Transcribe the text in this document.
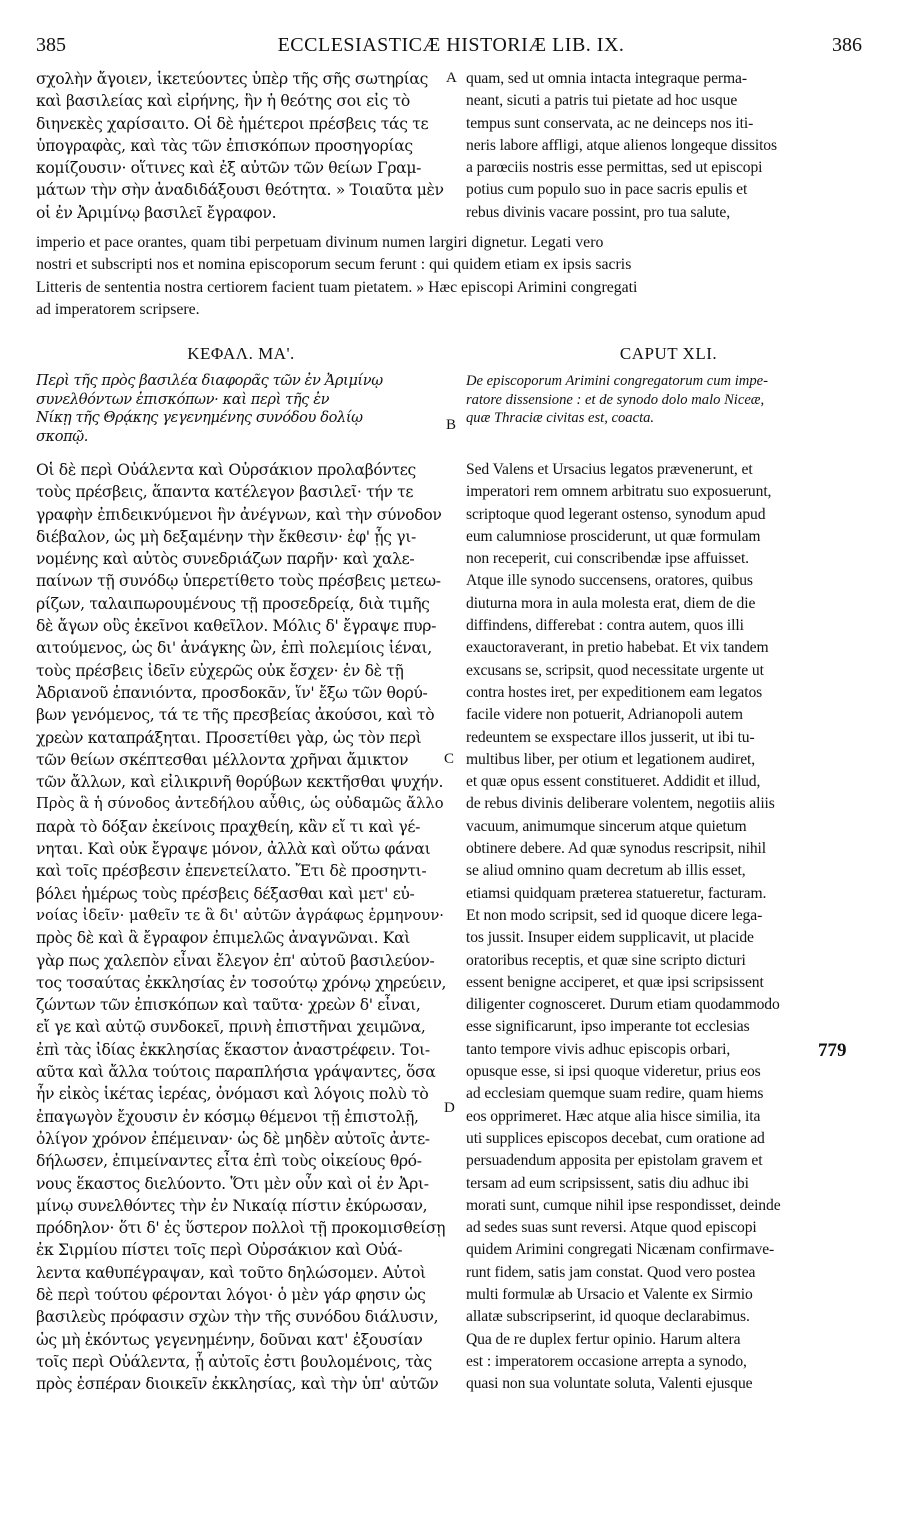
385	ECCLESIASTICÆ HISTORIÆ LIB. IX.	386
σχολὴν ἄγοιεν, ἱκετεύοντες ὑπὲρ τῆς σῆς σωτηρίας
καὶ βασιλείας καὶ εἰρήνης, ἣν ἡ θεότης σοι εἰς τὸ
διηνεκὲς χαρίσαιτο. Οἱ δὲ ἡμέτεροι πρέσβεις τάς τε
ὑπογραφὰς, καὶ τὰς τῶν ἐπισκόπων προσηγορίας
κομίζουσιν· οἵτινες καὶ ἐξ αὐτῶν τῶν θείων Γραμ-
μάτων τὴν σὴν ἀναδιδάξουσι θεότητα. » Τοιαῦτα μὲν
οἱ ἐν Ἀριμίνῳ βασιλεῖ ἔγραφον.
quam, sed ut omnia intacta integraque perma-
neant, sicuti a patris tui pietate ad hoc usque
tempus sunt conservata, ac ne deinceps nos iti-
neris labore affligi, atque alienos longeque dissitos
a parœciis nostris esse permittas, sed ut episcopi
potius cum populo suo in pace sacris epulis et
rebus divinis vacare possint, pro tua salute,
A
imperio et pace orantes, quam tibi perpetuam divinum numen largiri dignetur. Legati vero
nostri et subscripti nos et nomina episcoporum secum ferunt : qui quidem etiam ex ipsis sacris
Litteris de sententia nostra certiorem facient tuam pietatem. » Hæc episcopi Arimini congregati
ad imperatorem scripsere.
ΚΕΦΑΛ. ΜΑ'.	CAPUT XLI.
Περὶ τῆς πρὸς βασιλέα διαφορᾶς τῶν ἐν Ἀριμίνῳ
συνελθόντων ἐπισκόπων· καὶ περὶ τῆς ἐν
Νίκῃ τῆς Θρᾴκης γεγενημένης συνόδου δολίῳ
σκοπῷ.
De episcoporum Arimini congregatorum cum impe-
ratore dissensione : et de synodo dolo malo Niceæ,
quæ Thraciæ civitas est, coacta.
B
Οἱ δὲ περὶ Οὐάλεντα καὶ Οὐρσάκιον προλαβόντες
τοὺς πρέσβεις, ἅπαντα κατέλεγον βασιλεῖ· τήν τε
γραφὴν ἐπιδεικνύμενοι ἣν ἀνέγνων, καὶ τὴν σύνοδον
διέβαλον, ὡς μὴ δεξαμένην τὴν ἔκθεσιν· ἐφ' ᾗς γι-
νομένης καὶ αὐτὸς συνεδριάζων παρῆν· καὶ χαλε-
παίνων τῇ συνόδῳ ὑπερετίθετο τοὺς πρέσβεις μετεω-
ρίζων, ταλαιπωρουμένους τῇ προσεδρείᾳ, διὰ τιμῆς
δὲ ἄγων οὓς ἐκεῖνοι καθεῖλον. Μόλις δ' ἔγραψε πυρ-
αιτούμενος, ὡς δι' ἀνάγκης ὢν, ἐπὶ πολεμίοις ἰέναι,
τοὺς πρέσβεις ἰδεῖν εὐχερῶς οὐκ ἔσχεν· ἐν δὲ τῇ
Ἀδριανοῦ ἐπανιόντα, προσδοκᾶν, ἵν' ἔξω τῶν θορύ-
βων γενόμενος, τά τε τῆς πρεσβείας ἀκούσοι, καὶ τὸ
χρεὼν καταπράξηται. Προσετίθει γὰρ, ὡς τὸν περὶ
τῶν θείων σκέπτεσθαι μέλλοντα χρῆναι ἄμικτον
τῶν ἄλλων, καὶ εἰλικρινῆ θορύβων κεκτῆσθαι ψυχήν.
Πρὸς ἃ ἡ σύνοδος ἀντεδήλου αὖθις, ὡς οὐδαμῶς ἄλλο
παρὰ τὸ δόξαν ἐκείνοις πραχθείη, κἂν εἴ τι καὶ γέ-
νηται. Καὶ οὐκ ἔγραψε μόνον, ἀλλὰ καὶ οὕτω φάναι
καὶ τοῖς πρέσβεσιν ἐπενετείλατο. Ἔτι δὲ προσηντι-
βόλει ἡμέρως τοὺς πρέσβεις δέξασθαι καὶ μετ' εὐ-
νοίας ἰδεῖν· μαθεῖν τε ἃ δι' αὐτῶν ἀγράφως ἑρμηνουν·
πρὸς δὲ καὶ ἃ ἔγραφον ἐπιμελῶς ἀναγνῶναι. Καὶ
γὰρ πως χαλεπὸν εἶναι ἔλεγον ἐπ' αὐτοῦ βασιλεύον-
τος τοσαύτας ἐκκλησίας ἐν τοσούτῳ χρόνῳ χηρεύειν,
ζώντων τῶν ἐπισκόπων καὶ ταῦτα· χρεὼν δ' εἶναι,
εἴ γε καὶ αὐτῷ συνδοκεῖ, πρινὴ ἐπιστῆναι χειμῶνα,
ἐπὶ τὰς ἰδίας ἐκκλησίας ἕκαστον ἀναστρέφειν. Τοι-
αῦτα καὶ ἄλλα τούτοις παραπλήσια γράψαντες, ὅσα
ἦν εἰκὸς ἱκέτας ἱερέας, ὀνόμασι καὶ λόγοις πολὺ τὸ
ἐπαγωγὸν ἔχουσιν ἐν κόσμῳ θέμενοι τῇ ἐπιστολῇ,
ὀλίγον χρόνον ἐπέμειναν· ὡς δὲ μηδὲν αὐτοῖς ἀντε-
δήλωσεν, ἐπιμείναντες εἶτα ἐπὶ τοὺς οἰκείους θρό-
νους ἕκαστος διελύοντο. Ὅτι μὲν οὖν καὶ οἱ ἐν Ἀρι-
μίνῳ συνελθόντες τὴν ἐν Νικαίᾳ πίστιν ἐκύρωσαν,
πρόδηλον· ὅτι δ' ἐς ὕστερον πολλοὶ τῇ προκομισθείσῃ
ἐκ Σιρμίου πίστει τοῖς περὶ Οὐρσάκιον καὶ Οὐά-
λεντα καθυπέγραψαν, καὶ τοῦτο δηλώσομεν. Αὐτοὶ
δὲ περὶ τούτου φέρονται λόγοι· ὁ μὲν γάρ φησιν ὡς
βασιλεὺς πρόφασιν σχὼν τὴν τῆς συνόδου διάλυσιν,
ὡς μὴ ἑκόντως γεγενημένην, δοῦναι κατ' ἐξουσίαν
τοῖς περὶ Οὐάλεντα, ᾗ αὐτοῖς ἐστι βουλομένοις, τὰς
πρὸς ἑσπέραν διοικεῖν ἐκκλησίας, καὶ τὴν ὑπ' αὐτῶν
Sed Valens et Ursacius legatos prævenerunt, et
imperatori rem omnem arbitratu suo exposuerunt,
scriptoque quod legerant ostenso, synodum apud
eum calumniose prosciderunt, ut quæ formulam
non receperit, cui conscribendæ ipse affuisset.
Atque ille synodo succensens, oratores, quibus
diuturna mora in aula molesta erat, diem de die
diffindens, differebat : contra autem, quos illi
exauctoraverant, in pretio habebat. Et vix tandem
excusans se, scripsit, quod necessitate urgente ut
contra hostes iret, per expeditionem eam legatos
facile videre non potuerit, Adrianopoli autem
redeuntem se exspectare illos jusserit, ut ibi tu-
multibus liber, per otium et legationem audiret,
et quæ opus essent constitueret. Addidit et illud,
de rebus divinis deliberare volentem, negotiis aliis
vacuum, animumque sincerum atque quietum
obtinere debere. Ad quæ synodus rescripsit, nihil
se aliud omnino quam decretum ab illis esset,
etiamsi quidquam præterea statueretur, facturam.
Et non modo scripsit, sed id quoque dicere lega-
tos jussit. Insuper eidem supplicavit, ut placide
oratoribus receptis, et quæ sine scripto dicturi
essent benigne acciperet, et quæ ipsi scripsissent
diligenter cognosceret. Durum etiam quodammodo
esse significarunt, ipso imperante tot ecclesias
tanto tempore vivis adhuc episcopis orbari,
opusque esse, si ipsi quoque videretur, prius eos
ad ecclesiam quemque suam redire, quam hiems
eos opprimeret. Hæc atque alia hisce similia, ita
uti supplices episcopos decebat, cum oratione ad
persuadendum apposita per epistolam gravem et
tersam ad eum scripsissent, satis diu adhuc ibi
morati sunt, cumque nihil ipse respondisset, deinde
ad sedes suas sunt reversi. Atque quod episcopi
quidem Arimini congregati Nicænam confirmave-
runt fidem, satis jam constat. Quod vero postea
multi formulæ ab Ursacio et Valente ex Sirmio
allatæ subscripserint, id quoque declarabimus.
Qua de re duplex fertur opinio. Harum altera
est : imperatorem occasione arrepta a synodo,
quasi non sua voluntate soluta, Valenti ejusque
C
D
779
